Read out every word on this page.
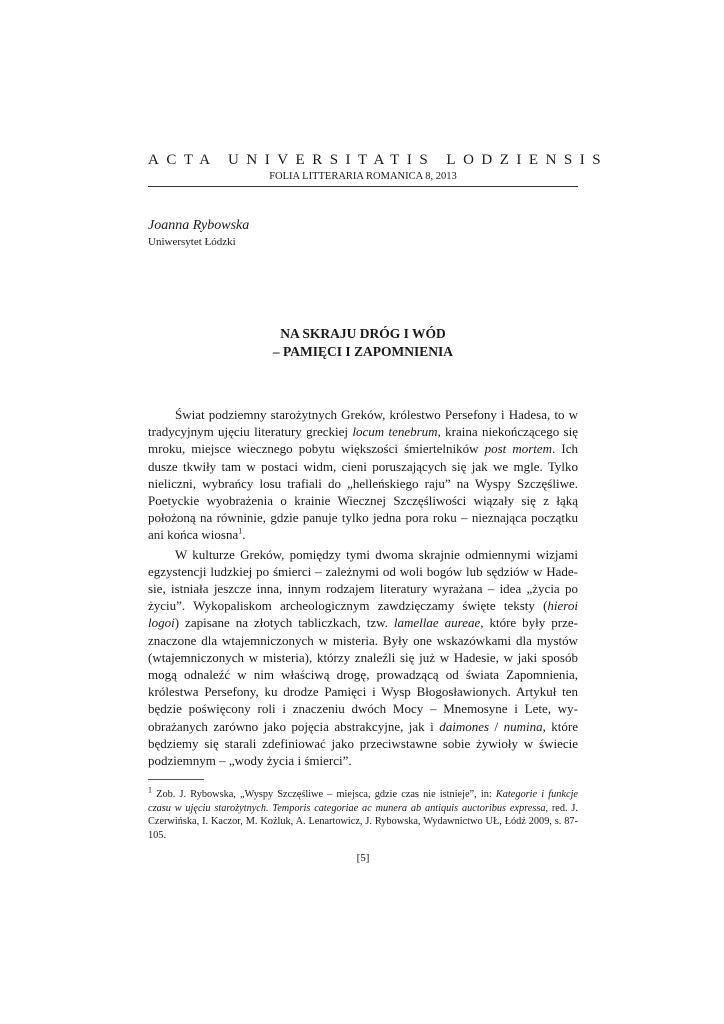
ACTA UNIVERSITATIS LODZIENSIS
FOLIA LITTERARIA ROMANICA 8, 2013
Joanna Rybowska
Uniwersytet Łódzki
NA SKRAJU DRÓG I WÓD
– PAMIĘCI I ZAPOMNIENIA

Świat podziemny starożytnych Greków, królestwo Persefony i Hadesa, to w tradycyjnym ujęciu literatury greckiej locum tenebrum, kraina niekończącego się mroku, miejsce wiecznego pobytu większości śmiertelników post mortem. Ich dusze tkwiły tam w postaci widm, cieni poruszających się jak we mgle. Tylko nieliczni, wybrańcy losu trafiali do „helleńskiego raju” na Wyspy Szczęśliwe. Poetyckie wyobrażenia o krainie Wiecznej Szczęśliwości wiązały się z łąką położoną na równinie, gdzie panuje tylko jedna pora roku – nieznająca początku ani końca wiosna$^1$.

W kulturze Greków, pomiędzy tymi dwoma skrajnie odmiennymi wizjami egzystencji ludzkiej po śmierci – zależnymi od woli bogów lub sędziów w Hadesie, istniała jeszcze inna, innym rodzajem literatury wyrażana – idea „życia po życiu”. Wykopaliskom archeologicznym zawdzięczamy święte teksty (hieroi logoi) zapisane na złotych tabliczkach, tzw. lamellae aureae, które były przeznaczone dla wtajemniczonych w misteria. Były one wskazówkami dla mystów (wtajemniczonych w misteria), którzy znaleźli się już w Hadesie, w jaki sposób mogą odnaleźć w nim właściwą drogę, prowadzącą od świata Zapomnienia, królestwa Persefony, ku drodze Pamięci i Wysp Błogosławionych. Artykuł ten będzie poświęcony roli i znaczeniu dwóch Mocy – Mnemosyne i Lete, wyobrażanych zarówno jako pojęcia abstrakcyjne, jak i daimones / numina, które będziemy się starali zdefiniować jako przeciwstawne sobie żywioły w świecie podziemnym – „wody życia i śmierci”.

$^1$ Zob. J. Rybowska, „Wyspy Szczęśliwe – miejsca, gdzie czas nie istnieje”, in: Kategorie i funkcje czasu w ujęciu starożytnych. Temporis categoriae ac munera ab antiquis auctoribus expressa, red. J. Czerwińska, I. Kaczor, M. Kożluk, A. Lenartowicz, J. Rybowska, Wydawnictwo UŁ, Łódź 2009, s. 87-105.
[5]
